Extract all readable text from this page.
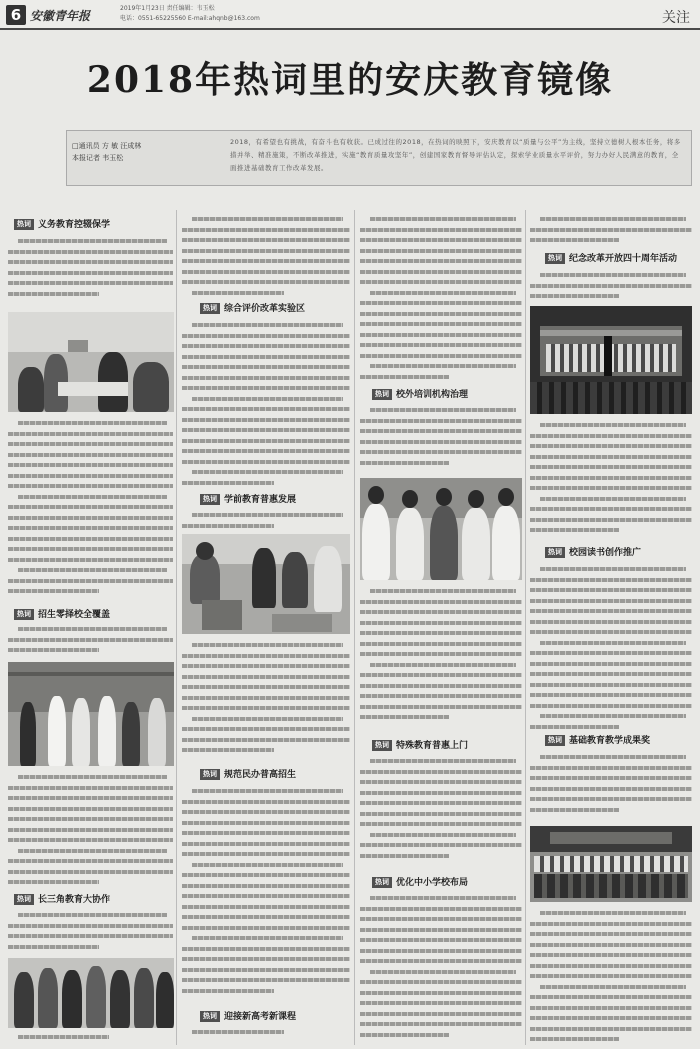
6 安徽青年报
2019年1月23日 责任编辑：韦玉松
电话：0551-65225560 E-mail:ahqnb@163.com	关注
2018年热词里的安庆教育镜像
□通讯员 方 敏 汪成林
本报记者 韦玉松
2018，有希望也有挑战，有奋斗也有收获。已成过往的2018，在热词的映照下，安庆教育以“质量与公平”为主线，坚持立德树人根本任务，将多措并举、精准施策，不断改革推进，实施“教育质量攻坚年”，创建国家教育督导评估认定，探索学业质量水平评价，努力办好人民满意的教育，全面推进基础教育工作改革发展。
热词 义务教育控辍保学
热词 招生零择校全覆盖
热词 长三角教育大协作
热词 综合评价改革实验区
热词 学前教育普惠发展
热词 规范民办普高招生
热词 迎接新高考新课程
热词 校外培训机构治理
热词 特殊教育普惠上门
热词 优化中小学校布局
热词 纪念改革开放四十周年活动
热词 校园读书创作推广
热词 基础教育教学成果奖
